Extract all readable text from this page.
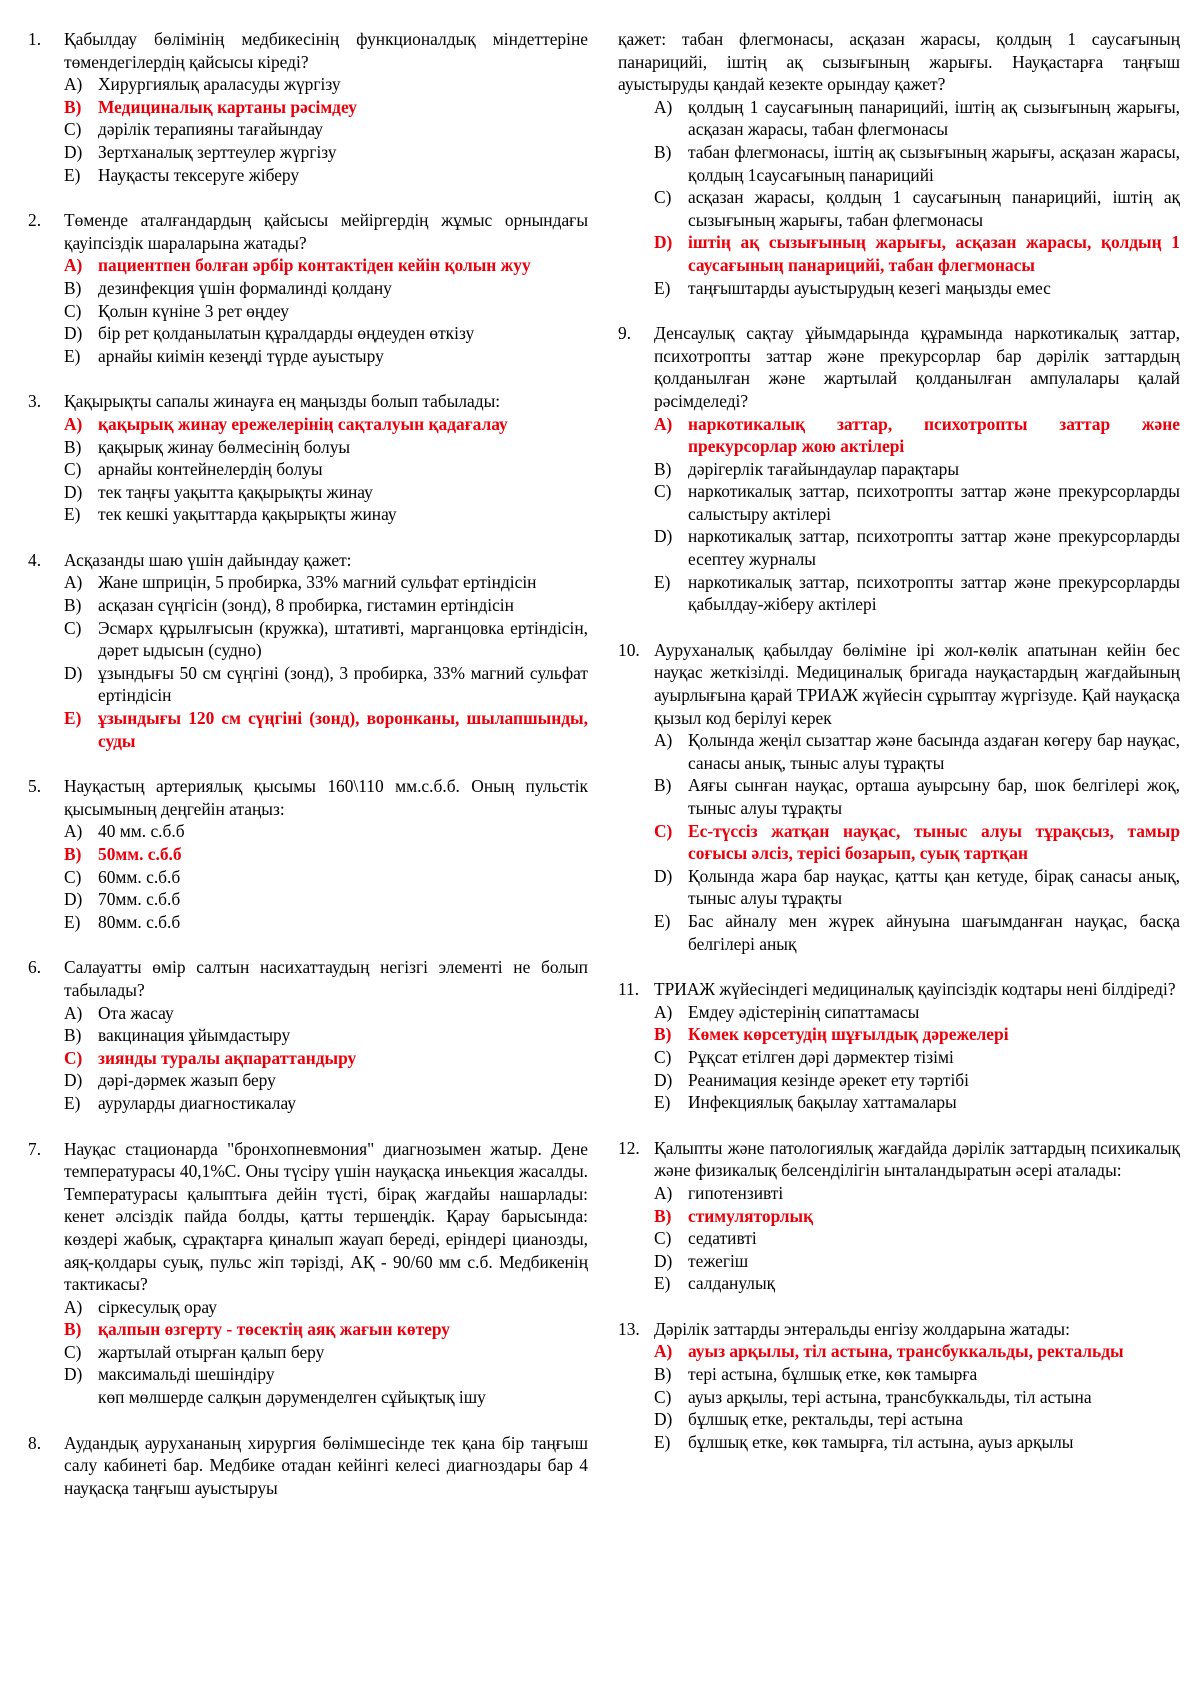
1.	Қабылдау бөлімінің медбикесінің функционалдық міндеттеріне төмендегілердің қайсысы кіреді?
A) Хирургиялық араласуды жүргізу
B) Медициналық картаны рәсімдеу
C) дәрілік терапияны тағайындау
D) Зертханалық зерттеулер жүргізу
E)	Науқасты тексеруге жіберу
2.	Төменде аталғандардың қайсысы мейіргердің жұмыс орнындағы қауіпсіздік шараларына жатады?
A) пациентпен болған әрбір контактіден кейін қолын жуу
B) дезинфекция үшін формалинді қолдану
C) Қолын күніне 3 рет өңдеу
D) бір рет қолданылатын құралдарды өңдеуден өткізу
E)	арнайы киімін кезеңді түрде ауыстыру
3.	Қақырықты сапалы жинауға ең маңызды болып табылады:
A) қақырық жинау ережелерінің сақталуын қадағалау
B) қақырық жинау бөлмесінің болуы
C) арнайы контейнелердің болуы
D) тек таңғы уақытта қақырықты жинау
E)	тек кешкі уақыттарда қақырықты жинау
4.	Асқазанды шаю үшін дайындау қажет:
A) Жане шприцін, 5 пробирка, 33% магний сульфат ертіндісін
B) асқазан сүңгісін (зонд), 8 пробирка, гистамин ертіндісін
C) Эсмарх құрылғысын (кружка), штативті, марганцовка ертіндісін, дәрет ыдысын (судно)
D) ұзындығы 50 см сүңгіні (зонд), 3 пробирка, 33% магний сульфат ертіндісін
E) ұзындығы 120 см сүңгіні (зонд), воронканы, шылапшынды, суды
5.	Науқастың артериялық қысымы 160\110 мм.с.б.б. Оның пульстік қысымының деңгейін атаңыз:
A) 40 мм. с.б.б
B) 50мм. с.б.б
C) 60мм. с.б.б
D) 70мм. с.б.б
E)	80мм. с.б.б
6.	Салауатты өмір салтын насихаттаудың негізгі элементі не болып табылады?
A) Ота жасау
B) вакцинация ұйымдастыру
C) зиянды туралы ақпараттандыру
D) дәрі-дәрмек жазып беру
E)	ауруларды диагностикалау
7.	Науқас стационарда "бронхопневмония" диагнозымен жатыр. Дене температурасы 40,1%С. Оны түсіру үшін науқасқа иньекция жасалды. Температурасы қалыптыға дейін түсті, бірақ жағдайы нашарлады: кенет әлсіздік пайда болды, қатты тершеңдік. Қарау барысында: көздері жабық, сұрақтарға қиналып жауап береді, еріндері цианозды, аяқ-қолдары суық, пульс жіп тәрізді, АҚ - 90/60 мм с.б. Медбикенің тактикасы?
A) сіркесулық орау
B) қалпын өзгерту - төсектің аяқ жағын көтеру
C) жартылай отырған қалып беру
D) максимальді шешіндіру
көп мөлшерде салқын дәруменделген сұйықтық ішу
8.	Аудандық аурухананың хирургия бөлімшесінде тек қана бір таңғыш салу кабинеті бар. Медбике отадан кейінгі келесі диагноздары бар 4 науқасқа таңғыш ауыстыруы
қажет: табан флегмонасы, асқазан жарасы, қолдың 1 саусағының панарицийі, іштің ақ сызығының жарығы. Науқастарға таңғыш ауыстыруды қандай кезекте орындау қажет?
A) қолдың 1 саусағының панарицийі, іштің ақ сызығының жарығы, асқазан жарасы, табан флегмонасы
B) табан флегмонасы, іштің ақ сызығының жарығы, асқазан жарасы, қолдың 1саусағының панарицийі
C) асқазан жарасы, қолдың 1 саусағының панарицийі, іштің ақ сызығының жарығы, табан флегмонасы
D) іштің ақ сызығының жарығы, асқазан жарасы, қолдың 1 саусағының панарицийі, табан флегмонасы
E)	таңғыштарды ауыстырудың кезегі маңызды емес
9.	Денсаулық сақтау ұйымдарында құрамында наркотикалық заттар, психотропты заттар және прекурсорлар бар дәрілік заттардың қолданылған және жартылай қолданылған ампулалары қалай рәсімделеді?
A) наркотикалық заттар, психотропты заттар және прекурсорлар жою актілері
B) дәрігерлік тағайындаулар парақтары
C) наркотикалық заттар, психотропты заттар және прекурсорларды салыстыру актілері
D) наркотикалық заттар, психотропты заттар және прекурсорларды есептеу журналы
E)	наркотикалық заттар, психотропты заттар және прекурсорларды қабылдау-жіберу актілері
10. Ауруханалық қабылдау бөліміне ірі жол-көлік апатынан кейін бес науқас жеткізілді. Медициналық бригада науқастардың жағдайының ауырлығына қарай ТРИАЖ жүйесін сұрыптау жүргізуде. Қай науқасқа қызыл код берілуі керек
A) Қолында жеңіл сызаттар және басында аздаған көгеру бар науқас, санасы анық, тыныс алуы тұрақты
B) Аяғы сынған науқас, орташа ауырсыну бар, шок белгілері жоқ, тыныс алуы тұрақты
C) Ес-түссіз жатқан науқас, тыныс алуы тұрақсыз, тамыр соғысы әлсіз, терісі бозарып, суық тартқан
D) Қолында жара бар науқас, қатты қан кетуде, бірақ санасы анық, тыныс алуы тұрақты
E)	Бас айналу мен жүрек айнуына шағымданған науқас, басқа белгілері анық
11. ТРИАЖ жүйесіндегі медициналық қауіпсіздік кодтары нені білдіреді?
A) Емдеу әдістерінің сипаттамасы
B) Көмек көрсетудің шұғылдық дәрежелері
C) Рұқсат етілген дәрі дәрмектер тізімі
D) Реанимация кезінде әрекет ету тәртібі
E)	Инфекциялық бақылау хаттамалары
12. Қалыпты және патологиялық жағдайда дәрілік заттардың психикалық және физикалық белсенділігін ынталандыратын әсері аталады:
A) гипотензивті
B) стимуляторлық
C) седативті
D) тежегіш
E)	салданулық
13. Дәрілік заттарды энтеральды енгізу жолдарына жатады:
A) ауыз арқылы, тіл астына, трансбуккальды, ректальды
B) тері астына, бұлшық етке, көк тамырға
C) ауыз арқылы, тері астына, трансбуккальды, тіл астына
D) бұлшық етке, ректальды, тері астына
E)	бұлшық етке, көк тамырға, тіл астына, ауыз арқылы
